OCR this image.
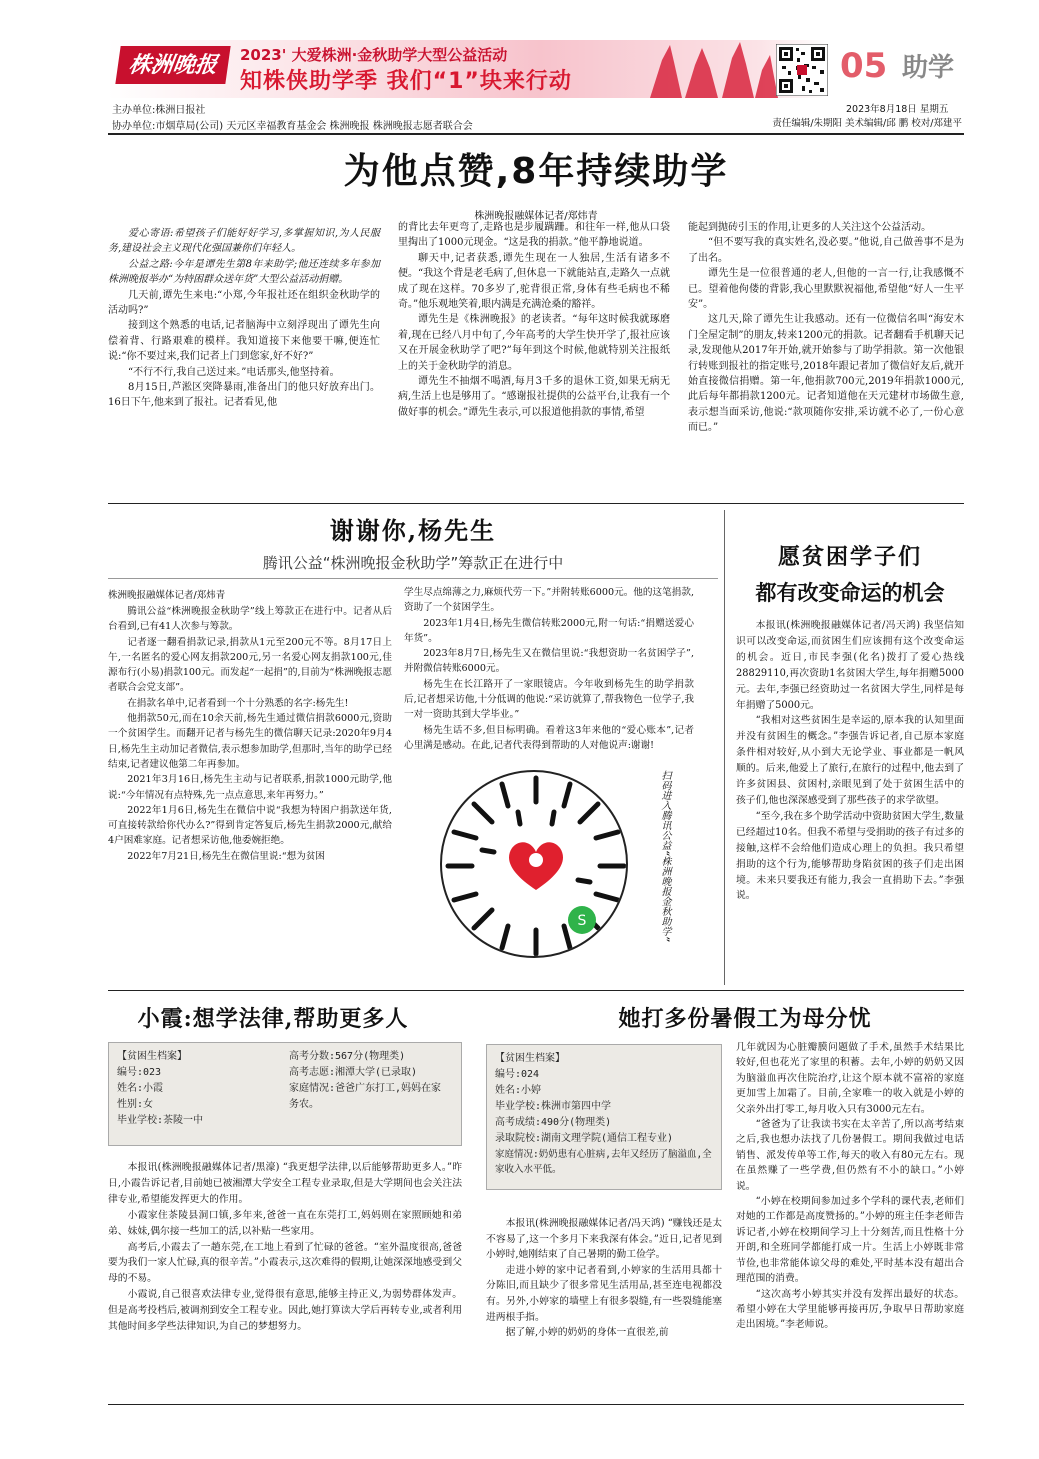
株洲晚报	2023' 大爱株洲·金秋助学大型公益活动
知株侠助学季 我们“1”块来行动	05 助学
主办单位:株洲日报社
协办单位:市烟草局(公司) 天元区幸福教育基金会 株洲晚报 株洲晚报志愿者联合会
2023年8月18日 星期五
责任编辑/朱期阳 美术编辑/邱 鹏 校对/郑建平
为他点赞,8年持续助学
株洲晚报融媒体记者/郑炜青
爱心寄语:希望孩子们能好好学习,多掌握知识,为人民服务,建设社会主义现代化强国兼你们年轻人。
公益之路:今年是谭先生第8年来助学;他还连续多年参加株洲晚报举办“为特困群众送年货”大型公益活动捐赠。
几天前,谭先生来电:“小郑,今年报社还在组织金秋助学的活动吗?”
接到这个熟悉的电话,记者脑海中立刻浮现出了谭先生向偿着背、行路艰难的模样。我知道接下来他要干嘛,便连忙说:“你不要过来,我们记者上门到您家,好不好?”
“不行不行,我自己送过来。”电话那头,他坚持着。
8月15日,芦淞区突降暴雨,准备出门的他只好放弃出门。16日下午,他来到了报社。记者看见,他
的背比去年更弯了,走路也是步履蹒跚。和往年一样,他从口袋里掏出了1000元现金。“这是我的捐款。”他平静地说道。
聊天中,记者获悉,谭先生现在一人独居,生活有诸多不便。“我这个背是老毛病了,但休息一下就能站直,走路久一点就成了现在这样。70多岁了,驼背很正常,身体有些毛病也不稀奇。”他乐观地笑着,眼内满是充满沧桑的豁祥。
谭先生是《株洲晚报》的老读者。“每年这时候我就琢磨着,现在已经八月中旬了,今年高考的大学生快开学了,报社应该又在开展金秋助学了吧?”每年到这个时候,他就特别关注报纸上的关于金秋助学的消息。
谭先生不抽烟不喝酒,每月3千多的退休工资,如果无病无病,生活上也是够用了。“感谢报社提供的公益平台,让我有一个做好事的机会。”谭先生表示,可以报道他捐款的事情,希望
能起到抛砖引玉的作用,让更多的人关注这个公益活动。
“但不要写我的真实姓名,没必要。”他说,自己做善事不是为了出名。
谭先生是一位很普通的老人,但他的一言一行,让我感慨不已。望着他佝偻的背影,我心里默默祝福他,希望他“好人一生平安”。
这几天,除了谭先生让我感动。还有一位微信名叫“海安木门全屋定制”的朋友,转来1200元的捐款。记者翻看手机聊天记录,发现他从2017年开始,就开始参与了助学捐款。第一次他银行转账到报社的指定账号,2018年跟记者加了微信好友后,就开始直接微信捐赠。第一年,他捐款700元,2019年捐款1000元,此后每年都捐款1200元。记者知道他在天元建材市场做生意,表示想当面采访,他说:“款项随你安排,采访就不必了,一份心意而已。”
谢谢你,杨先生
腾讯公益“株洲晚报金秋助学”筹款正在进行中
株洲晚报融媒体记者/郑炜青
腾讯公益“株洲晚报金秋助学”线上筹款正在进行中。记者从后台看到,已有41人次参与筹款。
记者逐一翻看捐款记录,捐款从1元至200元不等。8月17日上午,一名匿名的爱心网友捐款200元,另一名爱心网友捐款100元,佳源布行(小易)捐款100元。而发起“一起捐”的,目前为“株洲晚报志愿者联合会党支部”。
在捐款名单中,记者看到一个十分熟悉的名字:杨先生!
他捐款50元,而在10余天前,杨先生通过微信捐款6000元,资助一个贫困学生。而翻开记者与杨先生的微信聊天记录:2020年9月4日,杨先生主动加记者微信,表示想参加助学,但那时,当年的助学已经结束,记者建议他第二年再参加。
2021年3月16日,杨先生主动与记者联系,捐款1000元助学,他说:“今年情况有点特殊,先一点点意思,来年再努力。”
2022年1月6日,杨先生在微信中说“我想为特困户捐款送年货,可直接转款给你代办么?”得到肯定答复后,杨先生捐款2000元,献给4户困难家庭。记者想采访他,他委婉拒绝。
2022年7月21日,杨先生在微信里说:“想为贫困
学生尽点绵薄之力,麻烦代劳一下。”并附转账6000元。他的这笔捐款,资助了一个贫困学生。
2023年1月4日,杨先生微信转账2000元,附一句话:“捐赠送爱心年货”。
2023年8月7日,杨先生又在微信里说:“我想资助一名贫困学子”,并附微信转账6000元。
杨先生在长江路开了一家眼镜店。今年收到杨先生的助学捐款后,记者想采访他,十分低调的他说:“采访就算了,帮我物色一位学子,我一对一资助其到大学毕业。”
杨先生话不多,但目标明确。看着这3年来他的“爱心账本”,记者心里满是感动。在此,记者代表得到帮助的人对他说声:谢谢!
S	扫码进入腾讯公益“株洲晚报金秋助学”
愿贫困学子们
都有改变命运的机会
本报讯(株洲晚报融媒体记者/冯天鸿) 我坚信知识可以改变命运,而贫困生们应该拥有这个改变命运的机会。近日,市民李强(化名)拨打了爱心热线28829110,再次资助1名贫困大学生,每年捐赠5000元。去年,李强已经资助过一名贫困大学生,同样是每年捐赠了5000元。
“我相对这些贫困生是幸运的,原本我的认知里面并没有贫困生的概念。”李强告诉记者,自己原本家庭条件相对较好,从小到大无论学业、事业都是一帆风顺的。后来,他爱上了旅行,在旅行的过程中,他去到了许多贫困县、贫困村,亲眼见到了处于贫困生活中的孩子们,他也深深感受到了那些孩子的求学欲望。
“至今,我在多个助学活动中资助贫困大学生,数量已经超过10名。但我不希望与受捐助的孩子有过多的接触,这样不会给他们造成心理上的负担。我只希望捐助的这个行为,能够帮助身陷贫困的孩子们走出困境。未来只要我还有能力,我会一直捐助下去。”李强说。
小霞:想学法律,帮助更多人
【贫困生档案】
编号:023
姓名:小霞
性别:女
毕业学校:茶陵一中
高考分数:567分(物理类)
高考志愿:湘潭大学(已录取)
家庭情况:爸爸广东打工,妈妈在家务农。
本报讯(株洲晚报融媒体记者/黑濠) “我更想学法律,以后能够帮助更多人。”昨日,小霞告诉记者,目前她已被湘潭大学安全工程专业录取,但是大学期间也会关注法律专业,希望能发挥更大的作用。
小霞家住茶陵县洞口镇,多年来,爸爸一直在东莞打工,妈妈则在家照顾她和弟弟、妹妹,偶尔接一些加工的活,以补贴一些家用。
高考后,小霞去了一趟东莞,在工地上看到了忙碌的爸爸。“室外温度很高,爸爸要为我们一家人忙碌,真的很辛苦。”小霞表示,这次难得的假期,让她深深地感受到父母的不易。
小霞说,自己很喜欢法律专业,觉得很有意思,能够主持正义,为弱势群体发声。但是高考投档后,被调剂到安全工程专业。因此,她打算读大学后再转专业,或者利用其他时间多学些法律知识,为自己的梦想努力。
她打多份暑假工为母分忧
【贫困生档案】
编号:024
姓名:小婷
毕业学校:株洲市第四中学
高考成绩:490分(物理类)
录取院校:湖南文理学院(通信工程专业)
家庭情况:奶奶患有心脏病,去年又经历了脑溢血,全家收入水平低。
本报讯(株洲晚报融媒体记者/冯天鸿) “赚钱还是太不容易了,这一个多月下来我深有体会。”近日,记者见到小婷时,她刚结束了自己暑期的勤工俭学。
走进小婷的家中记者看到,小婷家的生活用具都十分陈旧,而且缺少了很多常见生活用品,甚至连电视都没有。另外,小婷家的墙壁上有很多裂缝,有一些裂缝能塞进两根手指。
据了解,小婷的奶奶的身体一直很差,前
几年就因为心脏瓣膜问题做了手术,虽然手术结果比较好,但也花光了家里的积蓄。去年,小婷的奶奶又因为脑溢血再次住院治疗,让这个原本就不富裕的家庭更加雪上加霜了。目前,全家唯一的收入就是小婷的父亲外出打零工,每月收入只有3000元左右。
“爸爸为了让我读书实在太辛苦了,所以高考结束之后,我也想办法找了几份暑假工。期间我做过电话销售、派发传单等工作,每天的收入有80元左右。现在虽然赚了一些学费,但仍然有不小的缺口。”小婷说。
“小婷在校期间参加过多个学科的课代表,老师们对她的工作都是高度赞扬的。”小婷的班主任李老师告诉记者,小婷在校期间学习上十分刻苦,而且性格十分开朗,和全班同学都能打成一片。生活上小婷既非常节俭,也非常能体谅父母的难处,平时基本没有超出合理范围的消费。
“这次高考小婷其实并没有发挥出最好的状态。希望小婷在大学里能够再接再厉,争取早日帮助家庭走出困境。”李老师说。
